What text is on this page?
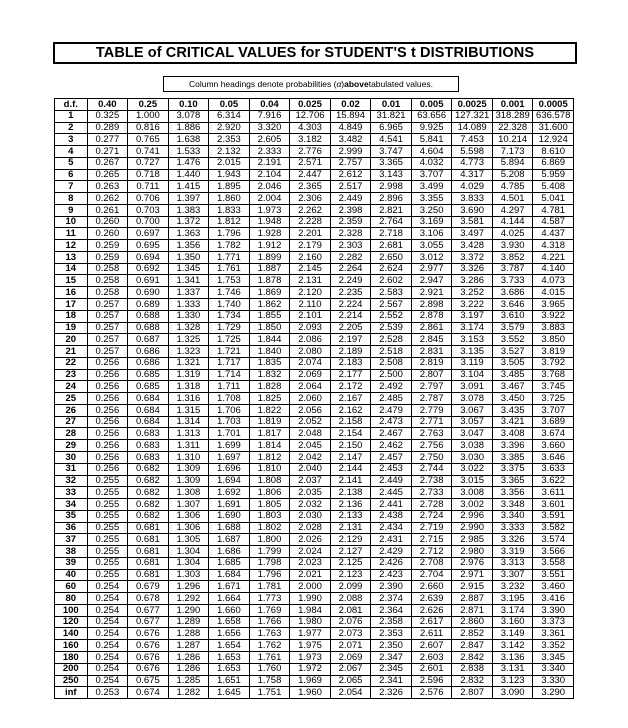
TABLE of CRITICAL VALUES for STUDENT'S t DISTRIBUTIONS
Column headings denote probabilities ( α ) above tabulated values.
d.f.	0.40	0.25	0.10	0.05	0.04	0.025	0.02	0.01	0.005	0.0025	0.001	0.0005
1	0.325	1.000	3.078	6.314	7.916	12.706	15.894	31.821	63.656	127.321	318.289	636.578
2	0.289	0.816	1.886	2.920	3.320	4.303	4.849	6.965	9.925	14.089	22.328	31.600
3	0.277	0.765	1.638	2.353	2.605	3.182	3.482	4.541	5.841	7.453	10.214	12.924
4	0.271	0.741	1.533	2.132	2.333	2.776	2.999	3.747	4.604	5.598	7.173	8.610
5	0.267	0.727	1.476	2.015	2.191	2.571	2.757	3.365	4.032	4.773	5.894	6.869
6	0.265	0.718	1.440	1.943	2.104	2.447	2.612	3.143	3.707	4.317	5.208	5.959
7	0.263	0.711	1.415	1.895	2.046	2.365	2.517	2.998	3.499	4.029	4.785	5.408
8	0.262	0.706	1.397	1.860	2.004	2.306	2.449	2.896	3.355	3.833	4.501	5.041
9	0.261	0.703	1.383	1.833	1.973	2.262	2.398	2.821	3.250	3.690	4.297	4.781
10	0.260	0.700	1.372	1.812	1.948	2.228	2.359	2.764	3.169	3.581	4.144	4.587
11	0.260	0.697	1.363	1.796	1.928	2.201	2.328	2.718	3.106	3.497	4.025	4.437
12	0.259	0.695	1.356	1.782	1.912	2.179	2.303	2.681	3.055	3.428	3.930	4.318
13	0.259	0.694	1.350	1.771	1.899	2.160	2.282	2.650	3.012	3.372	3.852	4.221
14	0.258	0.692	1.345	1.761	1.887	2.145	2.264	2.624	2.977	3.326	3.787	4.140
15	0.258	0.691	1.341	1.753	1.878	2.131	2.249	2.602	2.947	3.286	3.733	4.073
16	0.258	0.690	1.337	1.746	1.869	2.120	2.235	2.583	2.921	3.252	3.686	4.015
17	0.257	0.689	1.333	1.740	1.862	2.110	2.224	2.567	2.898	3.222	3.646	3.965
18	0.257	0.688	1.330	1.734	1.855	2.101	2.214	2.552	2.878	3.197	3.610	3.922
19	0.257	0.688	1.328	1.729	1.850	2.093	2.205	2.539	2.861	3.174	3.579	3.883
20	0.257	0.687	1.325	1.725	1.844	2.086	2.197	2.528	2.845	3.153	3.552	3.850
21	0.257	0.686	1.323	1.721	1.840	2.080	2.189	2.518	2.831	3.135	3.527	3.819
22	0.256	0.686	1.321	1.717	1.835	2.074	2.183	2.508	2.819	3.119	3.505	3.792
23	0.256	0.685	1.319	1.714	1.832	2.069	2.177	2.500	2.807	3.104	3.485	3.768
24	0.256	0.685	1.318	1.711	1.828	2.064	2.172	2.492	2.797	3.091	3.467	3.745
25	0.256	0.684	1.316	1.708	1.825	2.060	2.167	2.485	2.787	3.078	3.450	3.725
26	0.256	0.684	1.315	1.706	1.822	2.056	2.162	2.479	2.779	3.067	3.435	3.707
27	0.256	0.684	1.314	1.703	1.819	2.052	2.158	2.473	2.771	3.057	3.421	3.689
28	0.256	0.683	1.313	1.701	1.817	2.048	2.154	2.467	2.763	3.047	3.408	3.674
29	0.256	0.683	1.311	1.699	1.814	2.045	2.150	2.462	2.756	3.038	3.396	3.660
30	0.256	0.683	1.310	1.697	1.812	2.042	2.147	2.457	2.750	3.030	3.385	3.646
31	0.256	0.682	1.309	1.696	1.810	2.040	2.144	2.453	2.744	3.022	3.375	3.633
32	0.255	0.682	1.309	1.694	1.808	2.037	2.141	2.449	2.738	3.015	3.365	3.622
33	0.255	0.682	1.308	1.692	1.806	2.035	2.138	2.445	2.733	3.008	3.356	3.611
34	0.255	0.682	1.307	1.691	1.805	2.032	2.136	2.441	2.728	3.002	3.348	3.601
35	0.255	0.682	1.306	1.690	1.803	2.030	2.133	2.438	2.724	2.996	3.340	3.591
36	0.255	0.681	1.306	1.688	1.802	2.028	2.131	2.434	2.719	2.990	3.333	3.582
37	0.255	0.681	1.305	1.687	1.800	2.026	2.129	2.431	2.715	2.985	3.326	3.574
38	0.255	0.681	1.304	1.686	1.799	2.024	2.127	2.429	2.712	2.980	3.319	3.566
39	0.255	0.681	1.304	1.685	1.798	2.023	2.125	2.426	2.708	2.976	3.313	3.558
40	0.255	0.681	1.303	1.684	1.796	2.021	2.123	2.423	2.704	2.971	3.307	3.551
60	0.254	0.679	1.296	1.671	1.781	2.000	2.099	2.390	2.660	2.915	3.232	3.460
80	0.254	0.678	1.292	1.664	1.773	1.990	2.088	2.374	2.639	2.887	3.195	3.416
100	0.254	0.677	1.290	1.660	1.769	1.984	2.081	2.364	2.626	2.871	3.174	3.390
120	0.254	0.677	1.289	1.658	1.766	1.980	2.076	2.358	2.617	2.860	3.160	3.373
140	0.254	0.676	1.288	1.656	1.763	1.977	2.073	2.353	2.611	2.852	3.149	3.361
160	0.254	0.676	1.287	1.654	1.762	1.975	2.071	2.350	2.607	2.847	3.142	3.352
180	0.254	0.676	1.286	1.653	1.761	1.973	2.069	2.347	2.603	2.842	3.136	3.345
200	0.254	0.676	1.286	1.653	1.760	1.972	2.067	2.345	2.601	2.838	3.131	3.340
250	0.254	0.675	1.285	1.651	1.758	1.969	2.065	2.341	2.596	2.832	3.123	3.330
inf	0.253	0.674	1.282	1.645	1.751	1.960	2.054	2.326	2.576	2.807	3.090	3.290
